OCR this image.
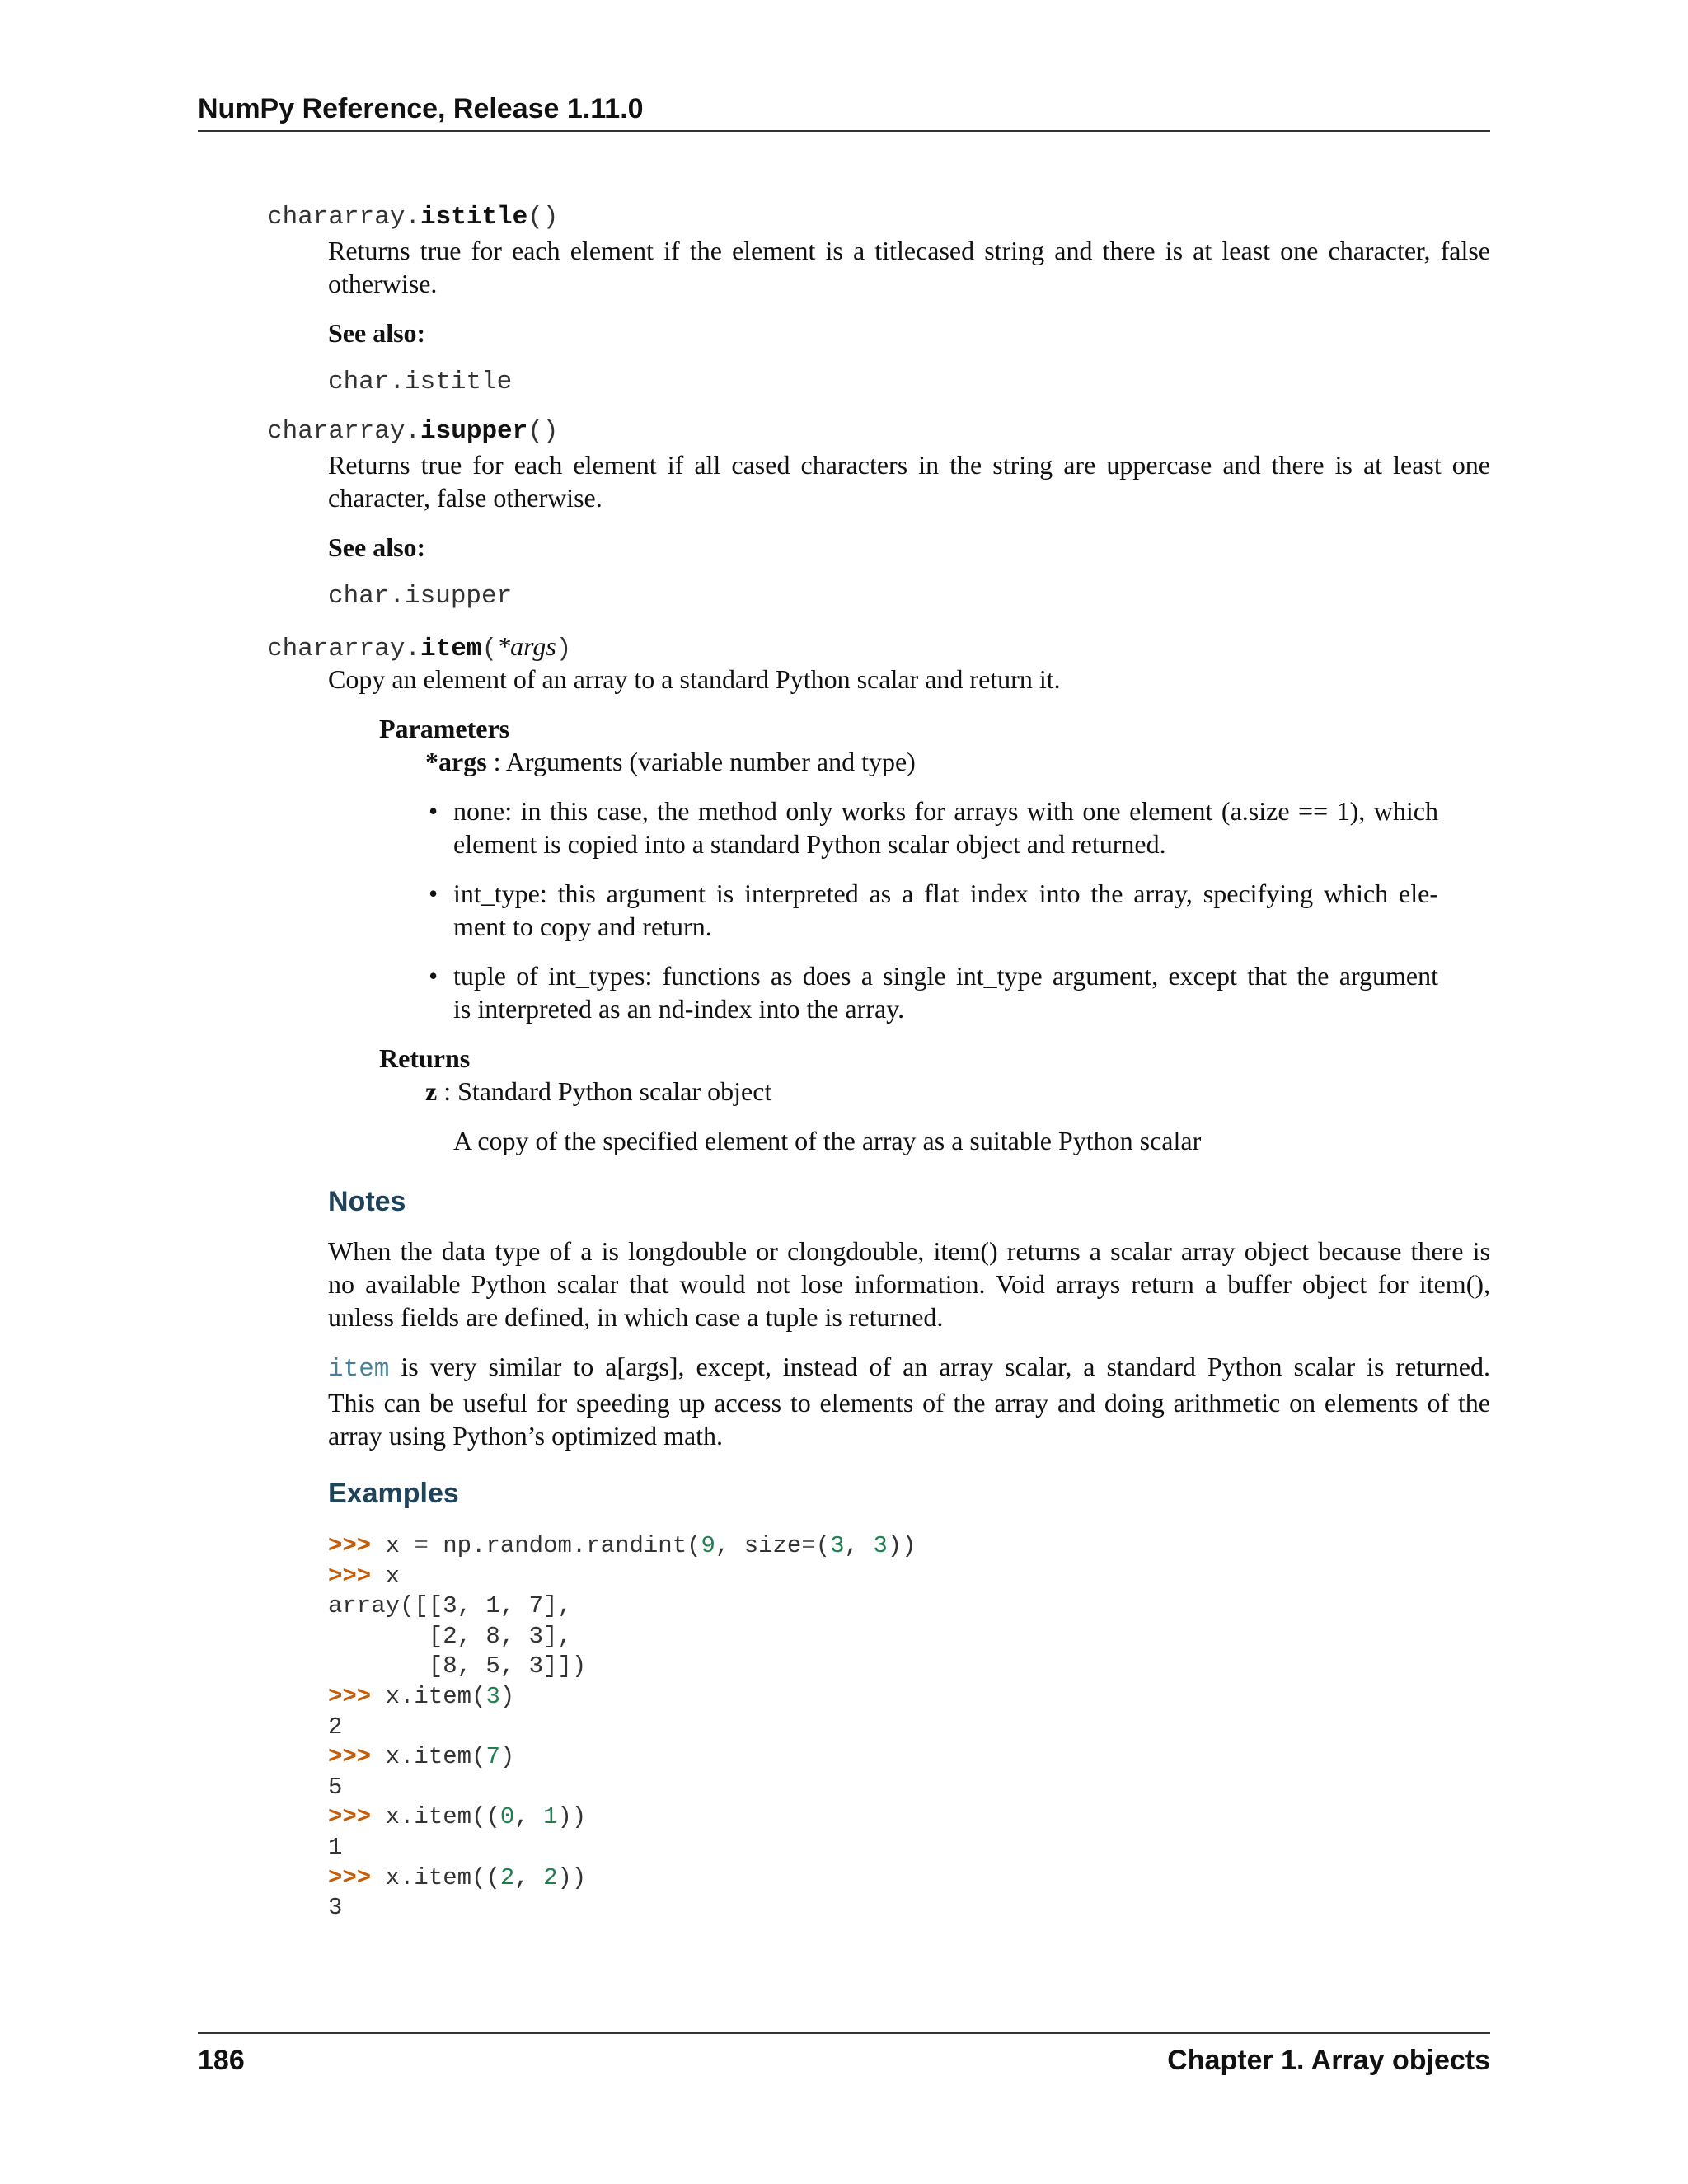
NumPy Reference, Release 1.11.0
chararray.istitle()
Returns true for each element if the element is a titlecased string and there is at least one character, false
otherwise.
See also:
char.istitle
chararray.isupper()
Returns true for each element if all cased characters in the string are uppercase and there is at least one
character, false otherwise.
See also:
char.isupper
chararray.item(*args)
Copy an element of an array to a standard Python scalar and return it.
Parameters
*args : Arguments (variable number and type)
• none: in this case, the method only works for arrays with one element (a.size == 1), which
element is copied into a standard Python scalar object and returned.
• int_type: this argument is interpreted as a flat index into the array, specifying which ele-
ment to copy and return.
• tuple of int_types: functions as does a single int_type argument, except that the argument
is interpreted as an nd-index into the array.
Returns
z : Standard Python scalar object
A copy of the specified element of the array as a suitable Python scalar
Notes
When the data type of a is longdouble or clongdouble, item() returns a scalar array object because there is
no available Python scalar that would not lose information. Void arrays return a buffer object for item(),
unless fields are defined, in which case a tuple is returned.
item is very similar to a[args], except, instead of an array scalar, a standard Python scalar is returned.
This can be useful for speeding up access to elements of the array and doing arithmetic on elements of the
array using Python’s optimized math.
Examples
>>> x = np.random.randint(9, size=(3, 3))
>>> x
array([[3, 1, 7],
[2, 8, 3],
[8, 5, 3]])
>>> x.item(3)
2
>>> x.item(7)
5
>>> x.item((0, 1))
1
>>> x.item((2, 2))
3
186	Chapter 1. Array objects
